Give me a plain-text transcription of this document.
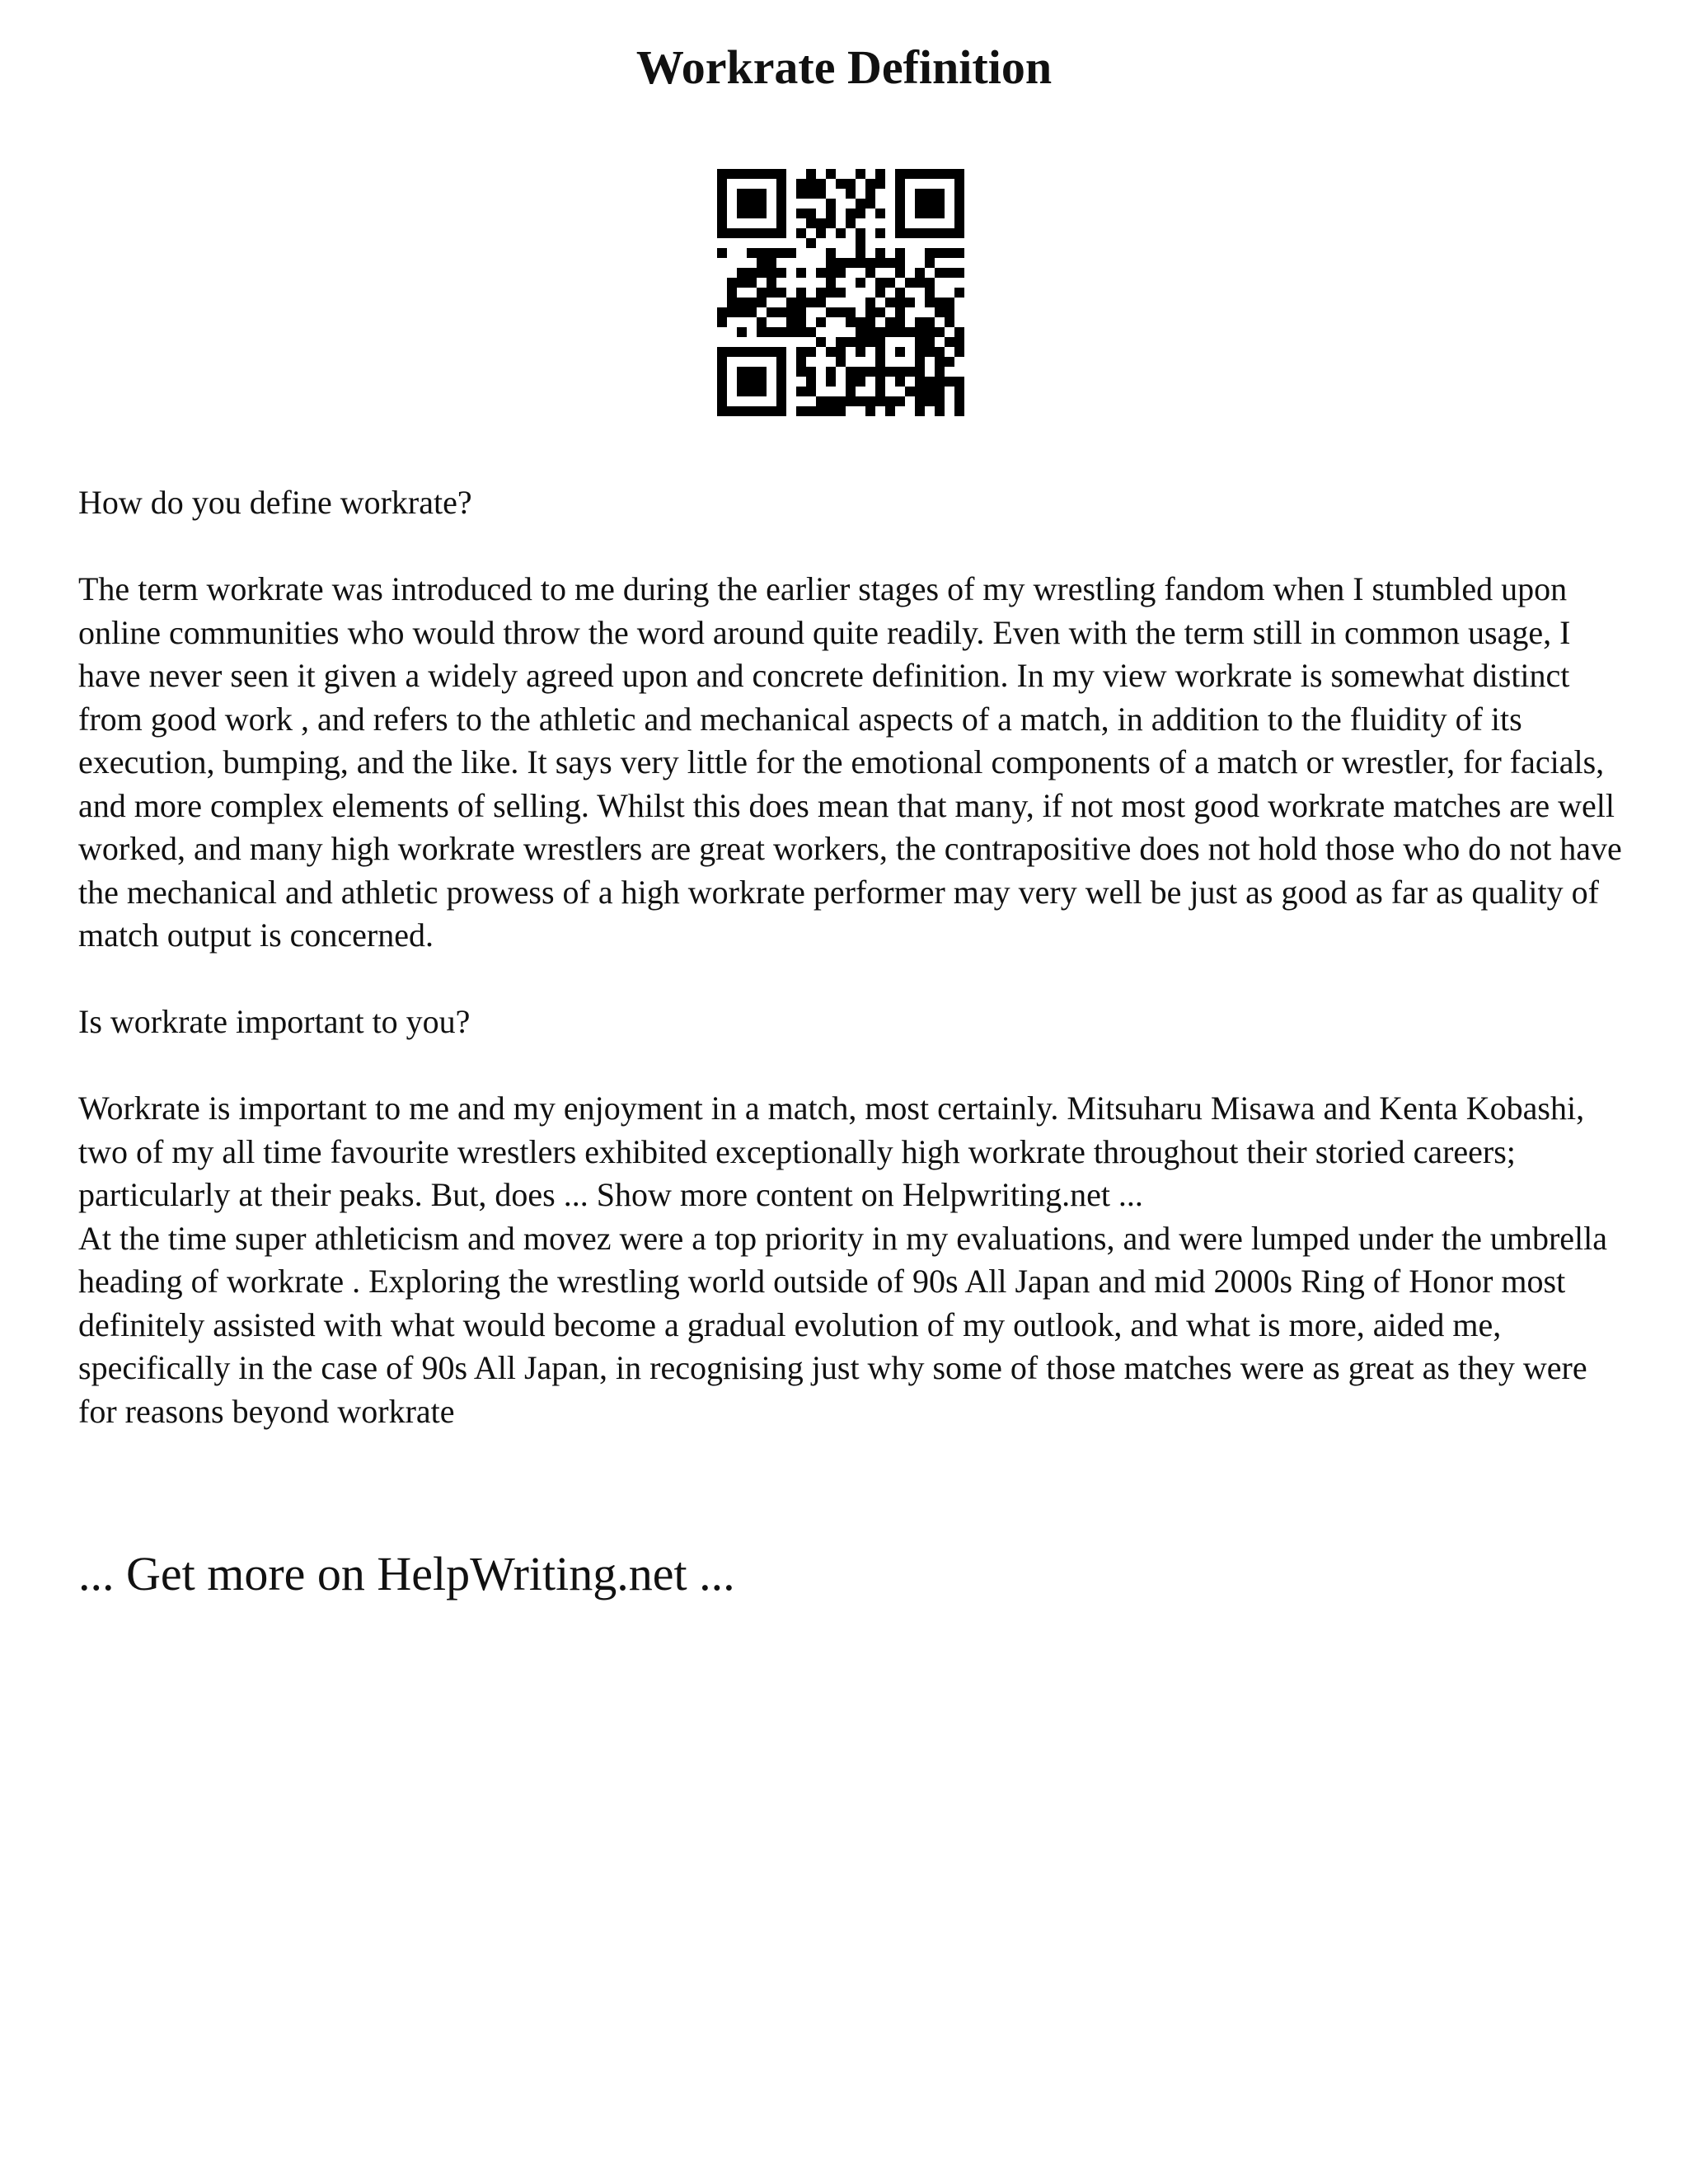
Workrate Definition

How do you define workrate?

The term workrate was introduced to me during the earlier stages of my wrestling fandom when I stumbled upon online communities who would throw the word around quite readily. Even with the term still in common usage, I have never seen it given a widely agreed upon and concrete definition. In my view workrate is somewhat distinct from good work , and refers to the athletic and mechanical aspects of a match, in addition to the fluidity of its execution, bumping, and the like. It says very little for the emotional components of a match or wrestler, for facials, and more complex elements of selling. Whilst this does mean that many, if not most good workrate matches are well worked, and many high workrate wrestlers are great workers, the contrapositive does not hold those who do not have the mechanical and athletic prowess of a high workrate performer may very well be just as good as far as quality of match output is concerned.

Is workrate important to you?

Workrate is important to me and my enjoyment in a match, most certainly. Mitsuharu Misawa and Kenta Kobashi, two of my all time favourite wrestlers exhibited exceptionally high workrate throughout their storied careers; particularly at their peaks. But, does ... Show more content on Helpwriting.net ...

At the time super athleticism and movez were a top priority in my evaluations, and were lumped under the umbrella heading of workrate . Exploring the wrestling world outside of 90s All Japan and mid 2000s Ring of Honor most definitely assisted with what would become a gradual evolution of my outlook, and what is more, aided me, specifically in the case of 90s All Japan, in recognising just why some of those matches were as great as they were for reasons beyond workrate

... Get more on HelpWriting.net ...
